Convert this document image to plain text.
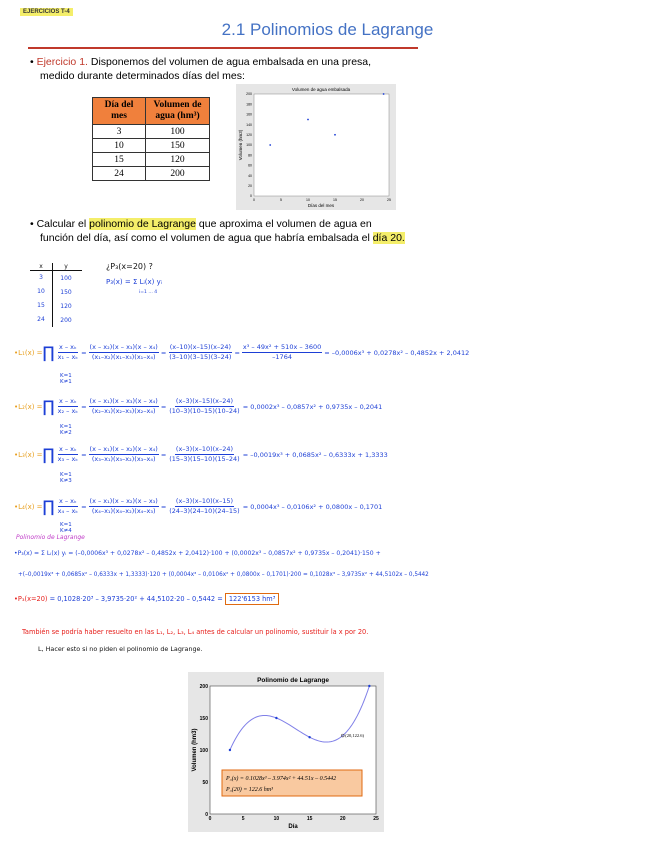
EJERCICIOS T-4
2.1 Polinomios de Lagrange
• Ejercicio 1. Disponemos del volumen de agua embalsada en una presa,
medido durante determinados días del mes:
Día del mes	Volumen de agua (hm³)
3	100
10	150
15	120
24	200
Volumen de agua embalsada
Días del mes
Volumen (hm3)
0	5	10	15	20	25
200
180
160
140
120
100
80
60
40
20
0
• Calcular el polinomio de Lagrange que aproxima el volumen de agua en
función del día, así como el volumen de agua que habría embalsada el día 20.
x	y
3	100
10	150
15	120
24	200
¿P₃(x=20) ?
P₃(x) = Σ Lᵢ(x) yᵢ
i=1 … 4
•L₁(x) = ∏ $\frac{\text{x – xₖ}}{\text{x₁ – xₖ}} = \frac{\text{(x – x₂)(x – x₃)(x – x₄)}}{\text{(x₁–x₂)(x₁–x₃)(x₁–x₄)}} = \frac{(x-10)(x-15)(x-24)}{(3-10)(3-15)(3-24)} = \frac{\text{x³ – 49x² + 510x – 3600}}{-1764} = -0,0006x^3 + 0,0278x^2 - 0,4852x + 2,0412$
K=1 K≠1
•L₂(x) = ∏ $\frac{\text{x – xₖ}}{\text{x₂ – xₖ}} = \frac{\text{(x – x₁)(x – x₃)(x – x₄)}}{\text{(x₂–x₁)(x₂–x₃)(x₂–x₄)}} = \frac{(x-3)(x-15)(x-24)}{(10-3)(10-15)(10-24)} = 0,0002x^3 - 0,0857x^2 + 0,9735x - 0,2041$
K=1 K≠2
•L₃(x) = ∏ $\frac{\text{x – xₖ}}{\text{x₃ – xₖ}} = \frac{\text{(x – x₁)(x – x₂)(x – x₄)}}{\text{(x₃–x₁)(x₃–x₂)(x₃–x₄)}} = \frac{(x-3)(x-10)(x-24)}{(15-3)(15-10)(15-24)} = -0,0019x^3 + 0,0685x^2 - 0,6333x + 1,3333$
K=1 K≠3
•L₄(x) = ∏ $\frac{\text{x – xₖ}}{\text{x₄ – xₖ}} = \frac{\text{(x – x₁)(x – x₂)(x – x₃)}}{\text{(x₄–x₁)(x₄–x₂)(x₄–x₃)}} = \frac{(x-3)(x-10)(x-15)}{(24-3)(24-10)(24-15)} = 0,0004x^3 - 0,0106x^2 + 0,0800x - 0,1701$
K=1 K≠4
Polinomio de Lagrange
•P₃(x) = Σ Lᵢ(x) yᵢ = (–0,0006x³ + 0,0278x² – 0,4852x + 2,0412)·100 + (0,0002x³ – 0,0857x² + 0,9735x – 0,2041)·150 +
+(–0,0019x³ + 0,0685x² – 0,6333x + 1,3333)·120 + (0,0004x³ – 0,0106x² + 0,0800x – 0,1701)·200 = 0,1028x³ – 3,9735x² + 44,5102x – 0,5442
•P₃(x=20) = 0,1028·20³ – 3,9735·20² + 44,5102·20 – 0,5442 = 122'6153 hm³
También se podría haber resuelto en las L₁, L₂, L₃, L₄ antes de calcular un polinomio, sustituir la x por 20.
L, Hacer esto si no piden el polinomio de Lagrange.
Polinomio de Lagrange
Día
Volumen (hm3)
0	5	10	15	20	25
0
50
100
150
200
(20,122.6)
P₃(x) = 0.1028x³ – 3.974x² + 44.51x – 0.5442
P₃(20) = 122.6 hm³
